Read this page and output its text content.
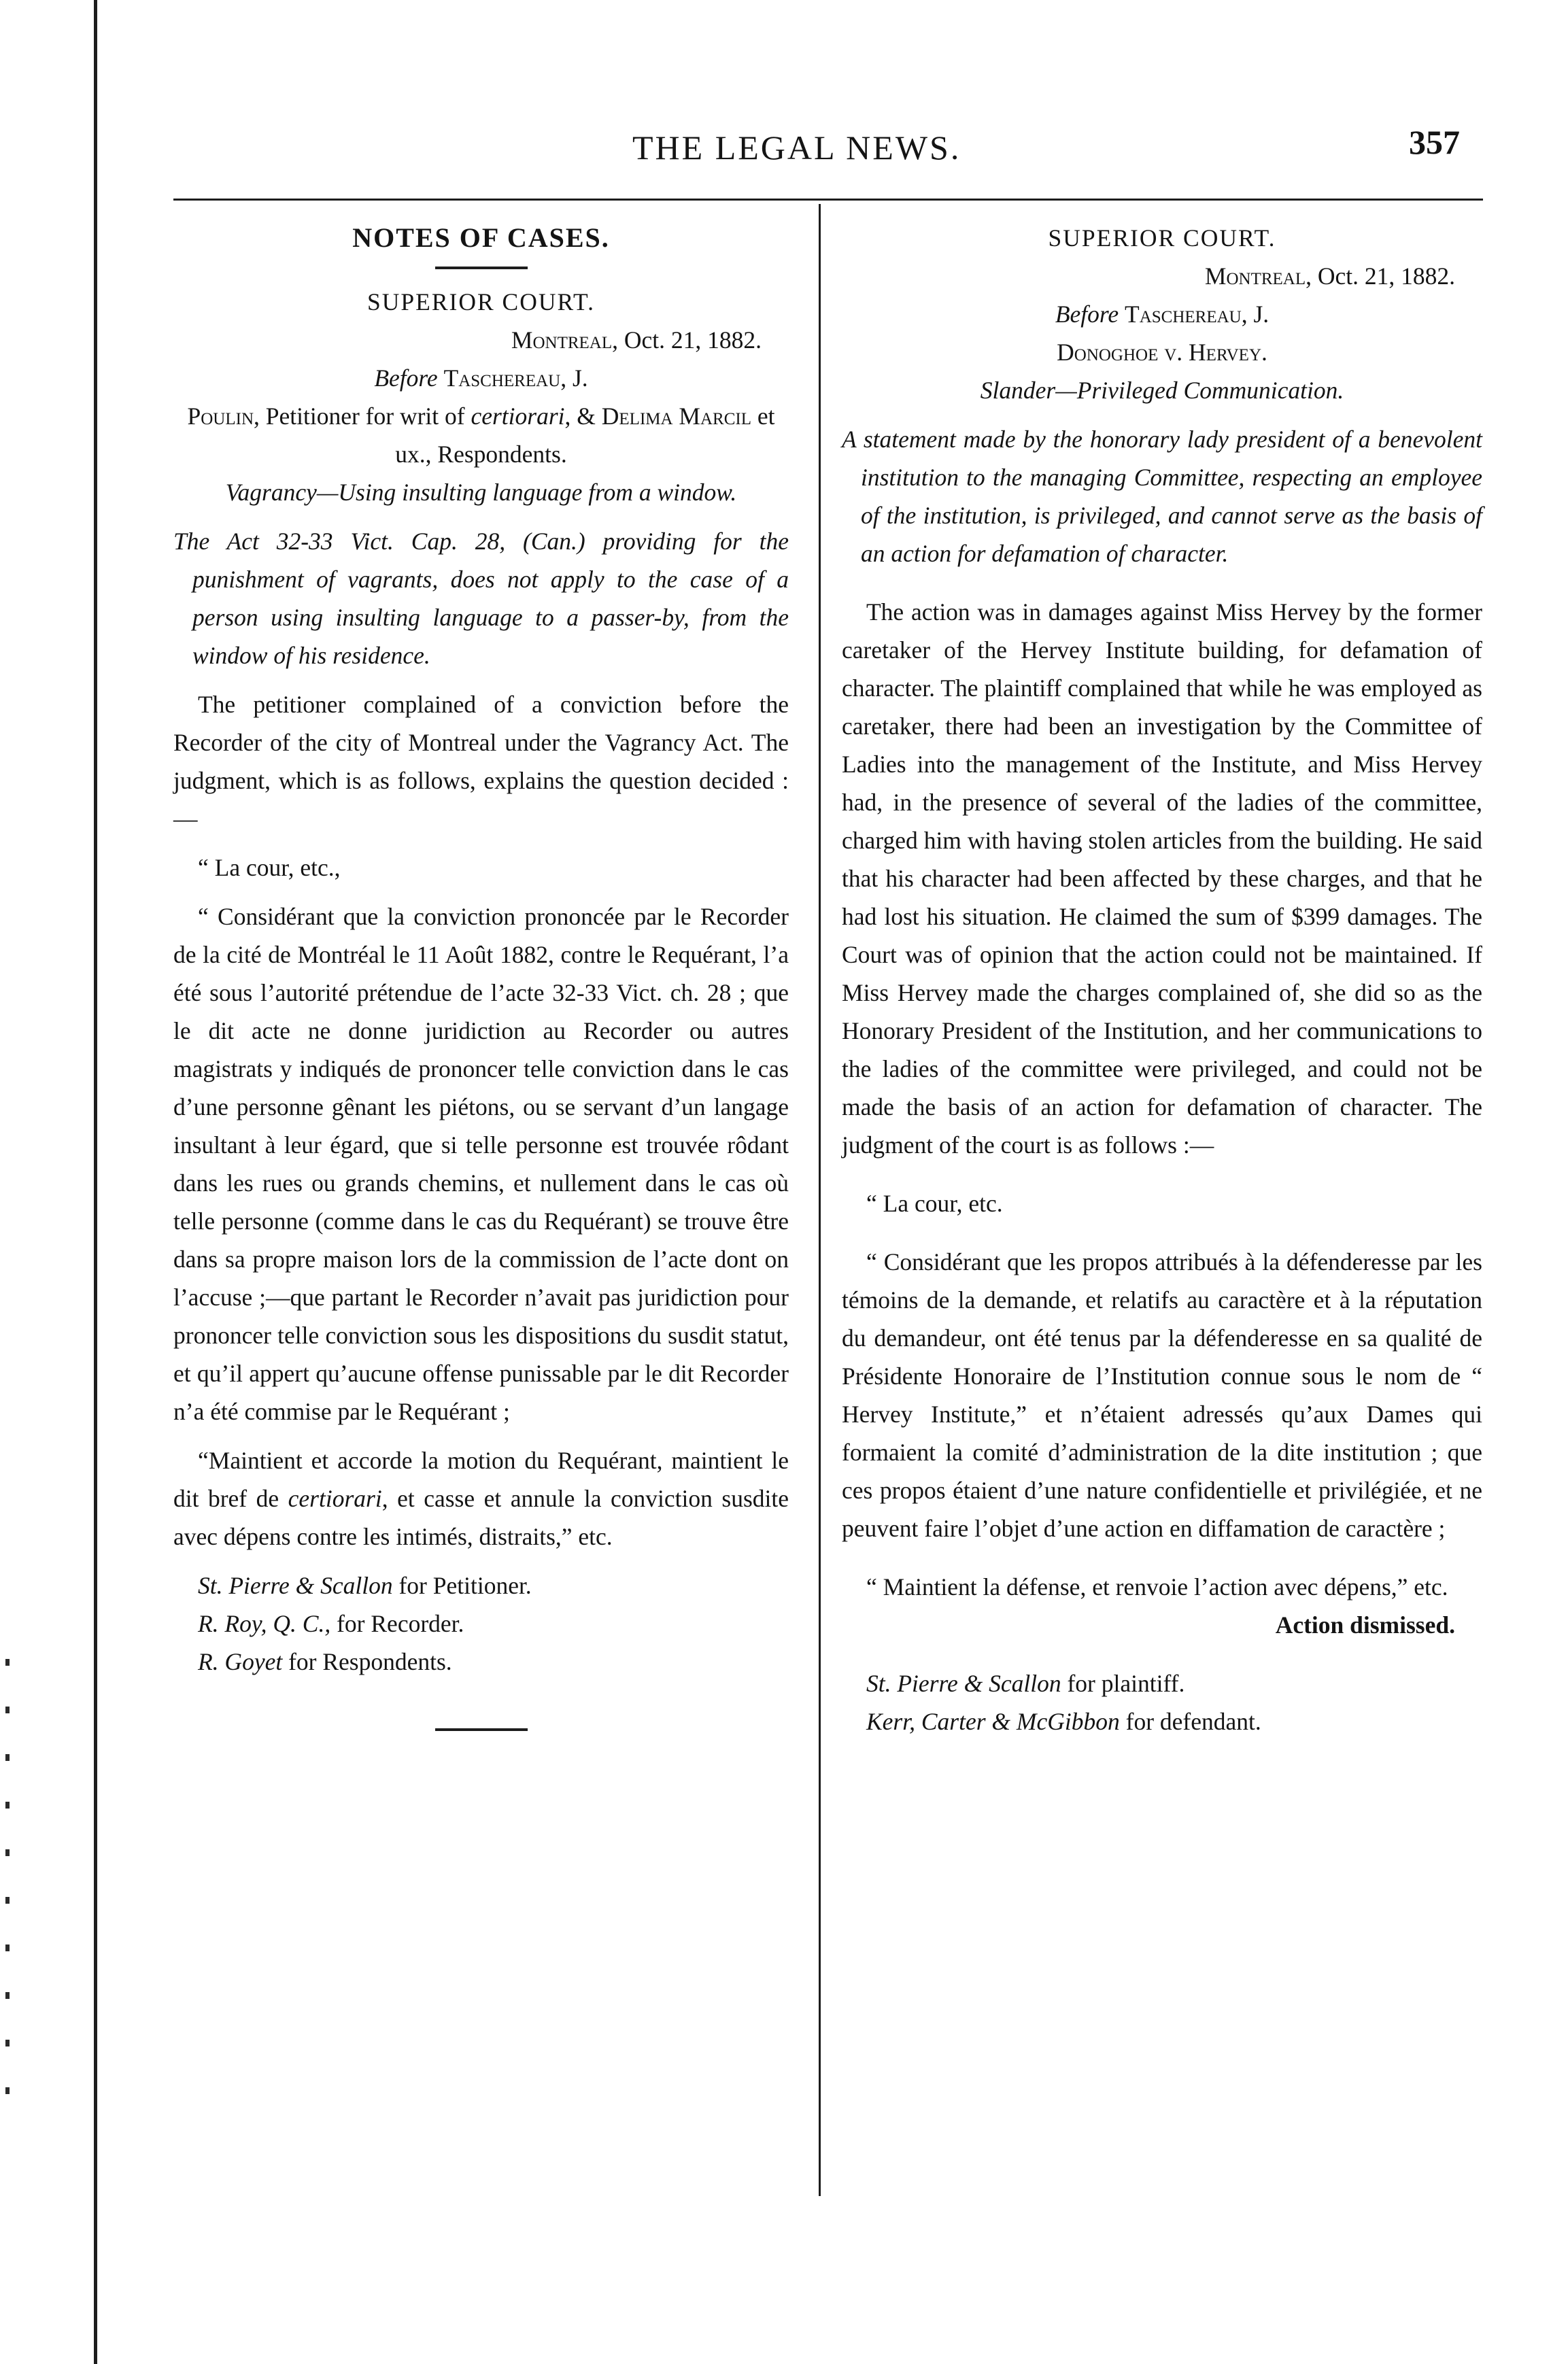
THE LEGAL NEWS.	357
NOTES OF CASES.
SUPERIOR COURT.
Montreal, Oct. 21, 1882.
Before Taschereau, J.
Poulin, Petitioner for writ of certiorari, & Delima Marcil et ux., Respondents.
Vagrancy—Using insulting language from a window.
The Act 32-33 Vict. Cap. 28, (Can.) providing for the punishment of vagrants, does not apply to the case of a person using insulting language to a passer-by, from the window of his residence.

The petitioner complained of a conviction before the Recorder of the city of Montreal under the Vagrancy Act. The judgment, which is as follows, explains the question decided :—

“ La cour, etc.,

“ Considérant que la conviction prononcée par le Recorder de la cité de Montréal le 11 Août 1882, contre le Requérant, l’a été sous l’autorité prétendue de l’acte 32-33 Vict. ch. 28 ; que le dit acte ne donne juridiction au Recorder ou autres magistrats y indiqués de prononcer telle conviction dans le cas d’une personne gênant les piétons, ou se servant d’un langage insultant à leur égard, que si telle personne est trouvée rôdant dans les rues ou grands chemins, et nullement dans le cas où telle personne (comme dans le cas du Requérant) se trouve être dans sa propre maison lors de la commission de l’acte dont on l’accuse ;—que partant le Recorder n’avait pas juridiction pour prononcer telle conviction sous les dispositions du susdit statut, et qu’il appert qu’aucune offense punissable par le dit Recorder n’a été commise par le Requérant ;

“Maintient et accorde la motion du Requérant, maintient le dit bref de certiorari, et casse et annule la conviction susdite avec dépens contre les intimés, distraits,” etc.

St. Pierre & Scallon for Petitioner.
R. Roy, Q. C., for Recorder.
R. Goyet for Respondents.
SUPERIOR COURT.
Montreal, Oct. 21, 1882.
Before Taschereau, J.
Donoghoe v. Hervey.
Slander—Privileged Communication.
A statement made by the honorary lady president of a benevolent institution to the managing Committee, respecting an employee of the institution, is privileged, and cannot serve as the basis of an action for defamation of character.

The action was in damages against Miss Hervey by the former caretaker of the Hervey Institute building, for defamation of character. The plaintiff complained that while he was employed as caretaker, there had been an investigation by the Committee of Ladies into the management of the Institute, and Miss Hervey had, in the presence of several of the ladies of the committee, charged him with having stolen articles from the building. He said that his character had been affected by these charges, and that he had lost his situation. He claimed the sum of $399 damages. The Court was of opinion that the action could not be maintained. If Miss Hervey made the charges complained of, she did so as the Honorary President of the Institution, and her communications to the ladies of the committee were privileged, and could not be made the basis of an action for defamation of character. The judgment of the court is as follows :—

“ La cour, etc.

“ Considérant que les propos attribués à la défenderesse par les témoins de la demande, et relatifs au caractère et à la réputation du demandeur, ont été tenus par la défenderesse en sa qualité de Présidente Honoraire de l’Institution connue sous le nom de “ Hervey Institute,” et n’étaient adressés qu’aux Dames qui formaient la comité d’administration de la dite institution ; que ces propos étaient d’une nature confidentielle et privilégiée, et ne peuvent faire l’objet d’une action en diffamation de caractère ;

“ Maintient la défense, et renvoie l’action avec dépens,” etc.

Action dismissed.
St. Pierre & Scallon for plaintiff.
Kerr, Carter & McGibbon for defendant.
